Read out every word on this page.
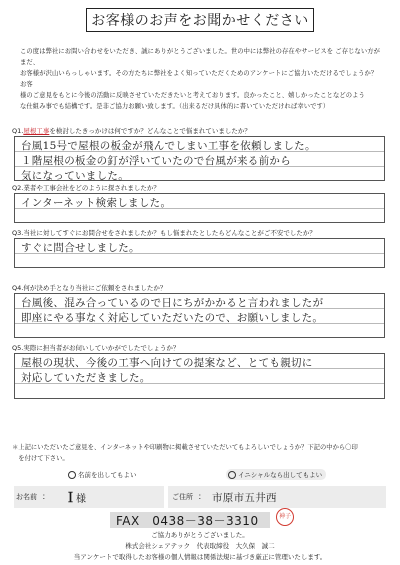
お客様のお声をお聞かせください

この度は弊社にお問い合わせをいただき、誠にありがとうございました。世の中には弊社の存在やサービスを ご存じない方がまだ、

お客様が沢山いらっしゃいます。その方たちに弊社をよく知っていただくためのアンケートにご協力いただけるでしょうか？ お客

様のご意見をもとに今後の活動に反映させていただきたいと考えております。良かったこと、嬉しかったことなどのよう

な仕組み事でも結構です。是非ご協力お願い致します。（出来るだけ具体的に書いていただければ幸いです）

Q1.屋根工事を検討したきっかけは何ですか？どんなことで悩まれていましたか？
台風15号で屋根の板金が飛んでしまい工事を依頼しました。
１階屋根の板金の釘が浮いていたので台風が来る前から
気になっていました。
Q2.業者や工事会社をどのように探されましたか？
インターネット検索しました。
Q3.当社に対してすぐにお問合せをされましたか？もし悩まれたとしたらどんなことがご不安でしたか？
すぐに問合せしました。
Q4.何が決め手となり当社にご依頼をされましたか？
台風後、混み合っているので日にちがかかると言われましたが
即座にやる事なく対応していただいたので、お願いしました。
Q5.実際に担当者がお伺いしていかがでしたでしょうか？
屋根の現状、今後の工事へ向けての提案など、とても親切に
対応していただきました。

＊上記にいただいたご意見を、インターネットや印刷物に掲載させていただいてもよろしいでしょうか？下記の中から〇印

　を付けて下さい。

名前を出してもよい	イニシャルなら出してもよい
お名前 ： Ｉ
様	ご住所 ： 市原市五井西
FAX　0438－38－3310	神子
ご協力ありがとうございました。
株式会社シェアテック　代表取締役　大久保　誠二
当アンケートで取得したお客様の個人情報は関係法規に基づき厳正に管理いたします。
